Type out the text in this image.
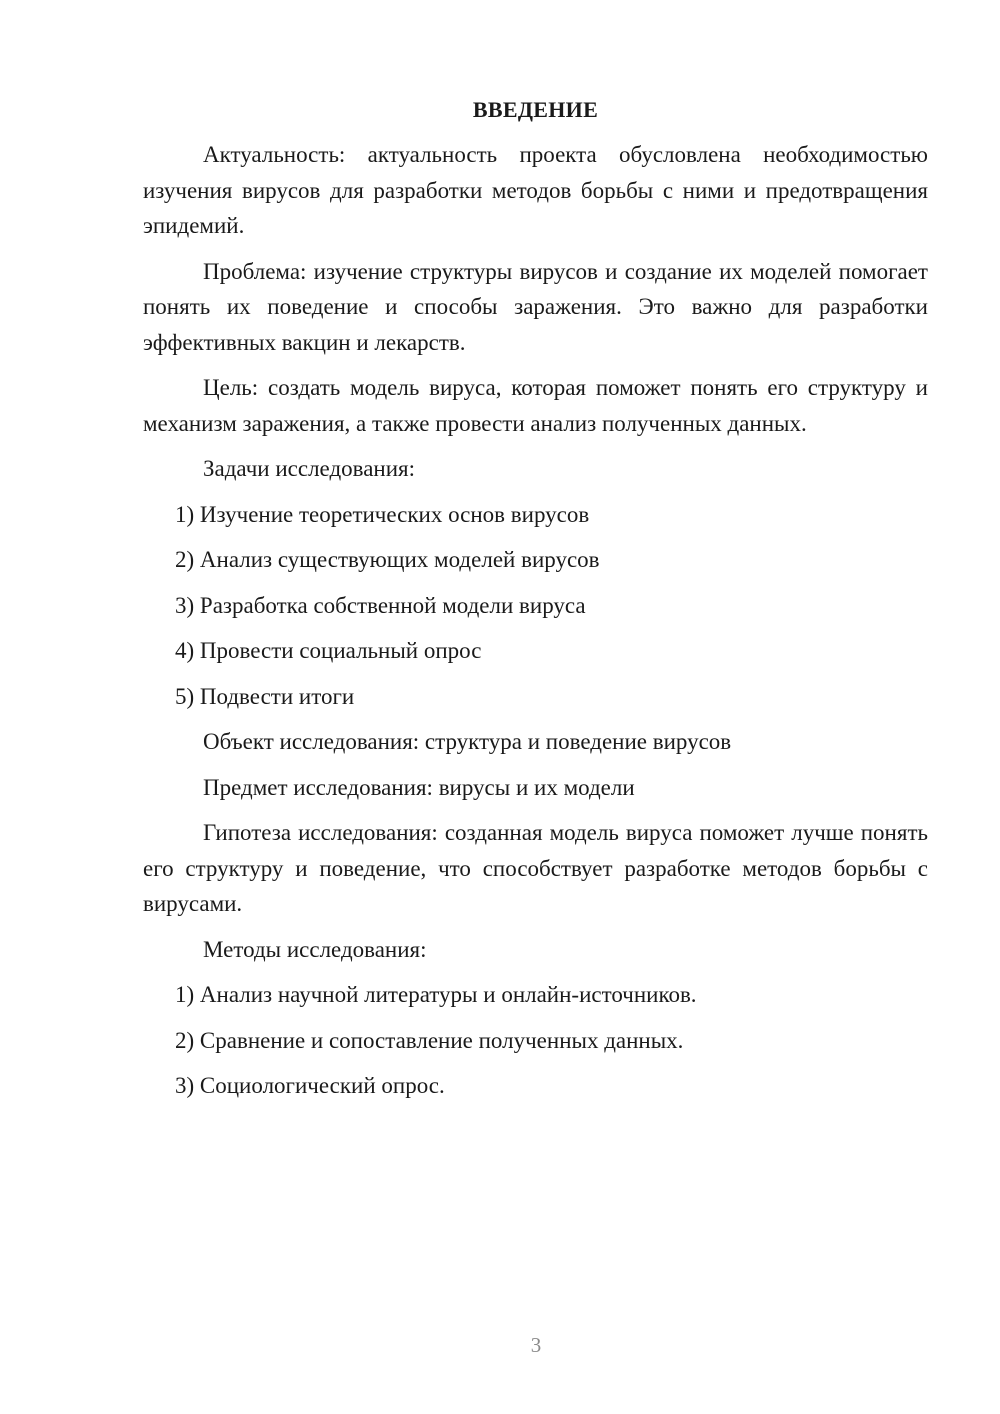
ВВЕДЕНИЕ
Актуальность: актуальность проекта обусловлена необходимостью изучения вирусов для разработки методов борьбы с ними и предотвращения эпидемий.
Проблема: изучение структуры вирусов и создание их моделей помогает понять их поведение и способы заражения. Это важно для разработки эффективных вакцин и лекарств.
Цель: создать модель вируса, которая поможет понять его структуру и механизм заражения, а также провести анализ полученных данных.
Задачи исследования:
1) Изучение теоретических основ вирусов
2) Анализ существующих моделей вирусов
3) Разработка собственной модели вируса
4) Провести социальный опрос
5) Подвести итоги
Объект исследования: структура и поведение вирусов
Предмет исследования: вирусы и их модели
Гипотеза исследования: созданная модель вируса поможет лучше понять его структуру и поведение, что способствует разработке методов борьбы с вирусами.
Методы исследования:
1) Анализ научной литературы и онлайн-источников.
2) Сравнение и сопоставление полученных данных.
3) Социологический опрос.
3
